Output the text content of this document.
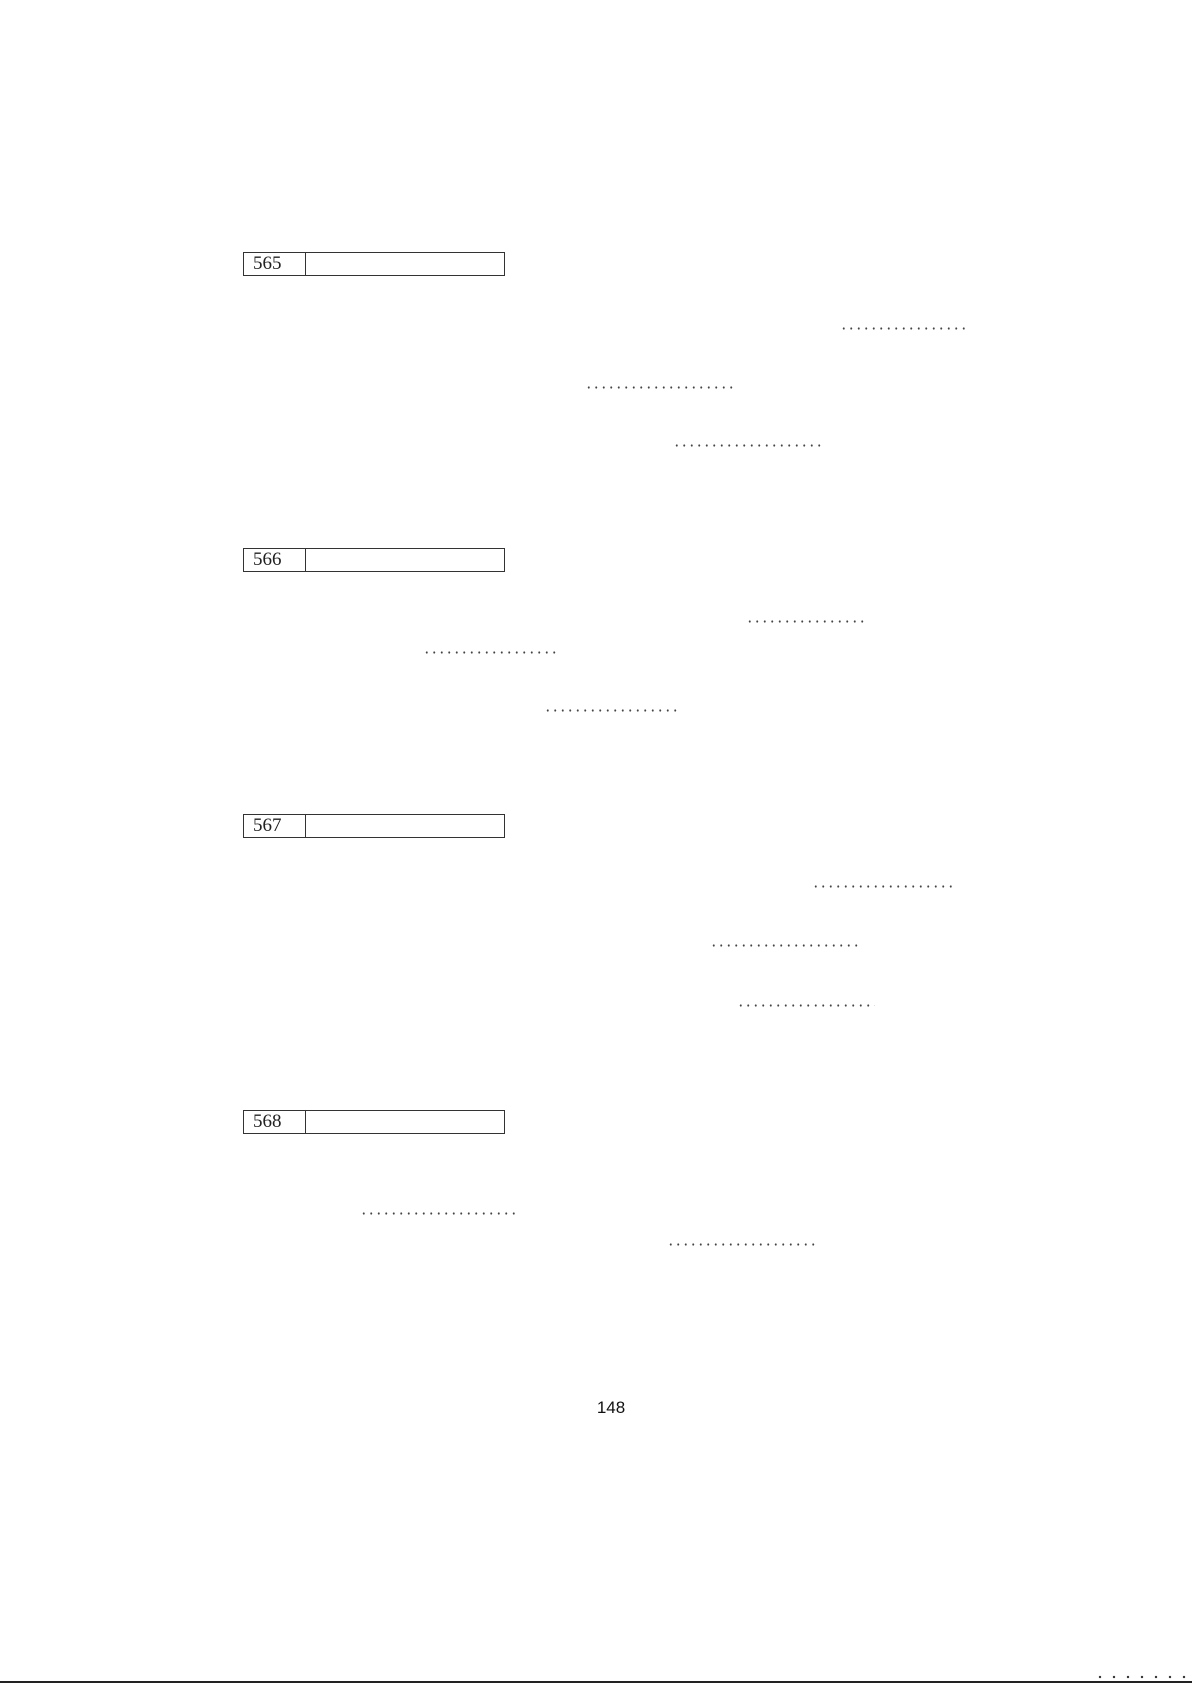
565
566
567
568
148
